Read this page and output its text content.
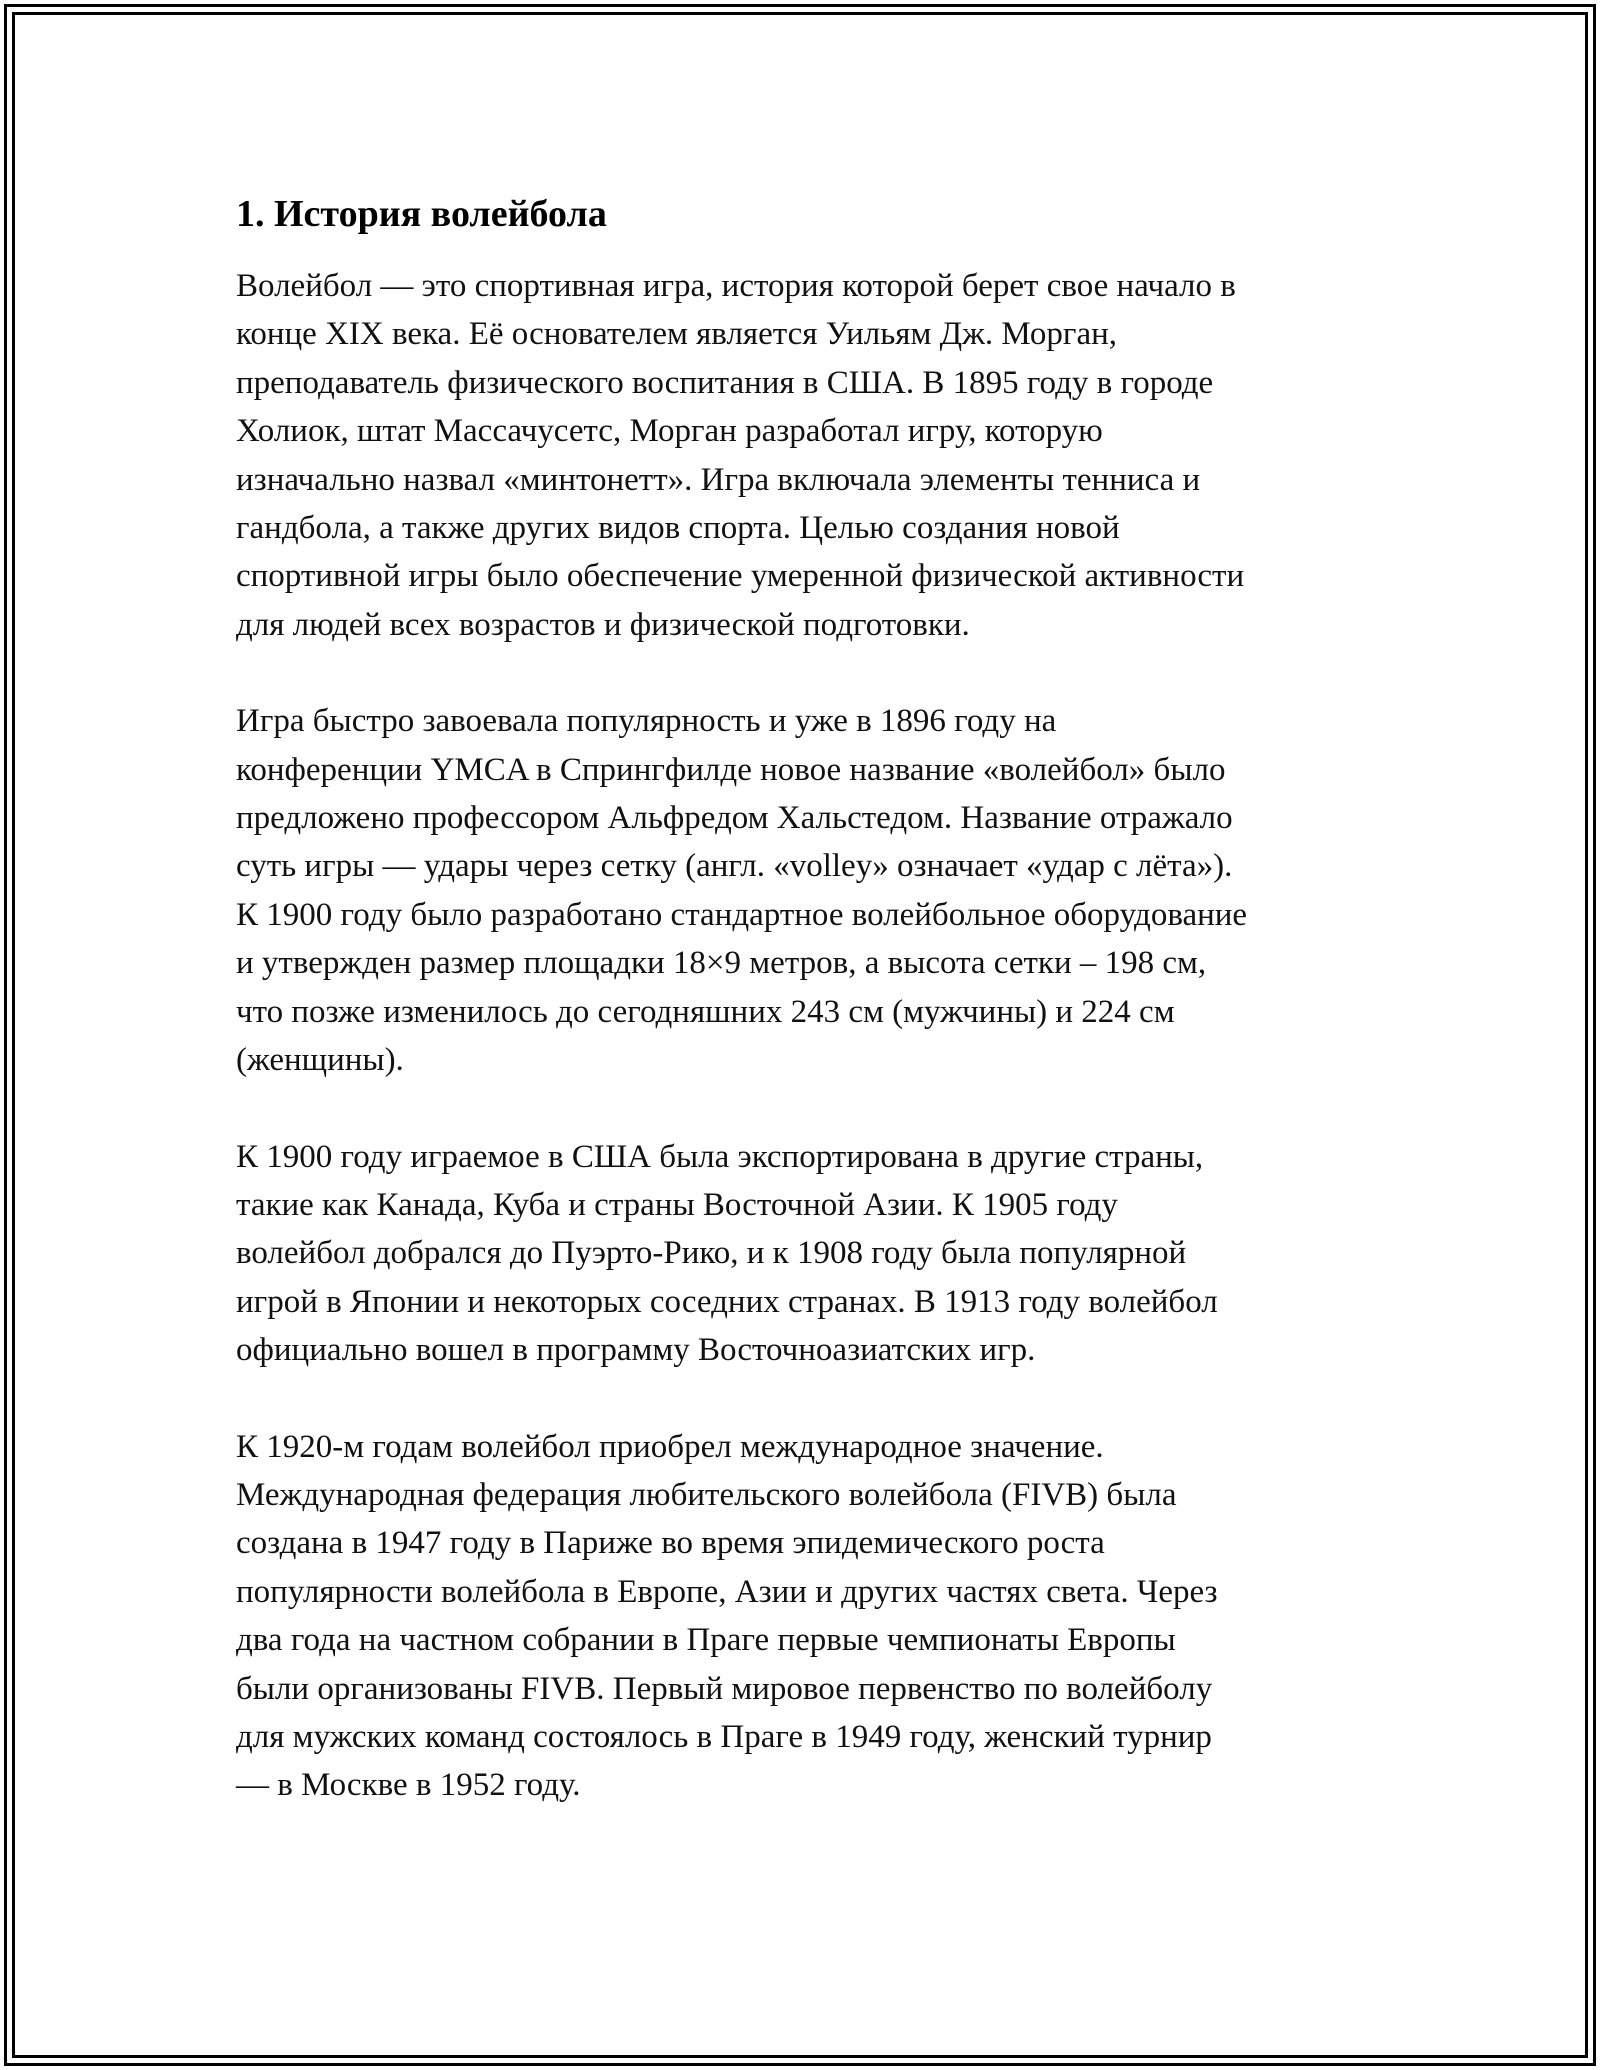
1. История волейбола

Волейбол — это спортивная игра, история которой берет свое начало в
конце XIX века. Её основателем является Уильям Дж. Морган,
преподаватель физического воспитания в США. В 1895 году в городе
Холиок, штат Массачусетс, Морган разработал игру, которую
изначально назвал «минтонетт». Игра включала элементы тенниса и
гандбола, а также других видов спорта. Целью создания новой
спортивной игры было обеспечение умеренной физической активности
для людей всех возрастов и физической подготовки.

Игра быстро завоевала популярность и уже в 1896 году на
конференции YMCA в Спрингфилде новое название «волейбол» было
предложено профессором Альфредом Хальстедом. Название отражало
суть игры — удары через сетку (англ. «volley» означает «удар с лёта»).
К 1900 году было разработано стандартное волейбольное оборудование
и утвержден размер площадки 18×9 метров, а высота сетки – 198 см,
что позже изменилось до сегодняшних 243 см (мужчины) и 224 см
(женщины).

К 1900 году играемое в США была экспортирована в другие страны,
такие как Канада, Куба и страны Восточной Азии. К 1905 году
волейбол добрался до Пуэрто-Рико, и к 1908 году была популярной
игрой в Японии и некоторых соседних странах. В 1913 году волейбол
официально вошел в программу Восточноазиатских игр.

К 1920-м годам волейбол приобрел международное значение.
Международная федерация любительского волейбола (FIVB) была
создана в 1947 году в Париже во время эпидемического роста
популярности волейбола в Европе, Азии и других частях света. Через
два года на частном собрании в Праге первые чемпионаты Европы
были организованы FIVB. Первый мировое первенство по волейболу
для мужских команд состоялось в Праге в 1949 году, женский турнир
— в Москве в 1952 году.
